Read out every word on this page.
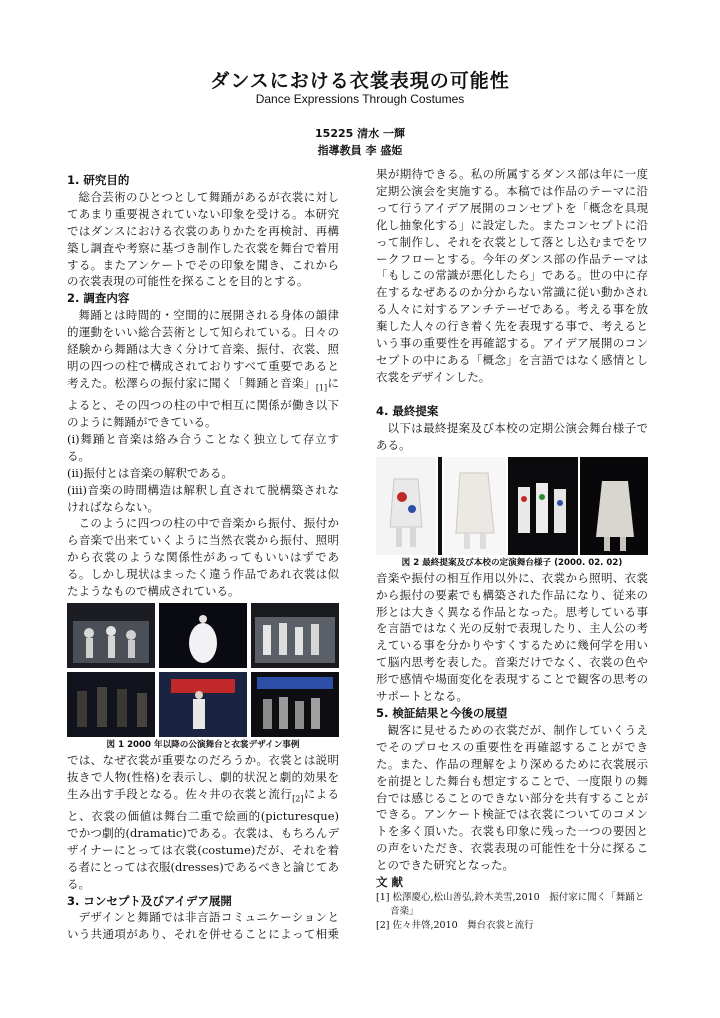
ダンスにおける衣裳表現の可能性
Dance Expressions Through Costumes
15225 清水 一輝
指導教員 李 盛姫
1. 研究目的

総合芸術のひとつとして舞踊があるが衣裳に対してあまり重要視されていない印象を受ける。本研究ではダンスにおける衣裳のありかたを再検討、再構築し調査や考察に基づき制作した衣裳を舞台で着用する。またアンケートでその印象を聞き、これからの衣裳表現の可能性を探ることを目的とする。

2. 調査内容

舞踊とは時間的・空間的に展開される身体の韻律的運動をいい総合芸術として知られている。日々の経験から舞踊は大きく分けて音楽、振付、衣裳、照明の四つの柱で構成されておりすべて重要であると考えた。松澤らの振付家に聞く「舞踊と音楽」$_{[1]}$によると、その四つの柱の中で相互に関係が働き以下のように舞踊ができている。

(i)舞踊と音楽は絡み合うことなく独立して存立する。

(ii)振付とは音楽の解釈である。

(iii)音楽の時間構造は解釈し直されて脱構築されなければならない。

このように四つの柱の中で音楽から振付、振付から音楽で出来ていくように当然衣裳から振付、照明から衣裳のような関係性があってもいいはずである。しかし現状はまったく違う作品であれ衣裳は似たようなもので構成されている。

図 1 2000 年以降の公演舞台と衣裳デザイン事例

では、なぜ衣裳が重要なのだろうか。衣裳とは説明抜きで人物(性格)を表示し、劇的状況と劇的効果を生み出す手段となる。佐々井の衣裳と流行$_{[2]}$によると、衣裳の価値は舞台二重で絵画的(picturesque)でかつ劇的(dramatic)である。衣裳は、もちろんデザイナーにとっては衣裳(costume)だが、それを着る者にとっては衣服(dresses)であるべきと論じてある。

3. コンセプト及びアイデア展開

デザインと舞踊では非言語コミュニケーションという共通項があり、それを併せることによって相乗

果が期待できる。私の所属するダンス部は年に一度定期公演会を実施する。本稿では作品のテーマに沿って行うアイデア展開のコンセプトを「概念を具現化し抽象化する」に設定した。またコンセプトに沿って制作し、それを衣裳として落とし込むまでをワークフローとする。今年のダンス部の作品テーマは「もしこの常識が悪化したら」である。世の中に存在するなぜあるのか分からない常識に従い動かされる人々に対するアンチテーゼである。考える事を放棄した人々の行き着く先を表現する事で、考えるという事の重要性を再確認する。アイデア展開のコンセプトの中にある「概念」を言語ではなく感情とし衣裳をデザインした。

4. 最終提案

以下は最終提案及び本校の定期公演会舞台様子である。

図 2 最終提案及び本校の定演舞台様子 (2000. 02. 02)

音楽や振付の相互作用以外に、衣裳から照明、衣裳から振付の要素でも構築された作品になり、従来の形とは大きく異なる作品となった。思考している事を言語ではなく光の反射で表現したり、主人公の考えている事を分かりやすくするために幾何学を用いて脳内思考を表した。音楽だけでなく、衣裳の色や形で感情や場面変化を表現することで観客の思考のサポートとなる。

5. 検証結果と今後の展望

観客に見せるための衣裳だが、制作していくうえでそのプロセスの重要性を再確認することができた。また、作品の理解をより深めるために衣裳展示を前提とした舞台も想定することで、一度限りの舞台では感じることのできない部分を共有することができる。アンケート検証では衣裳についてのコメントを多く頂いた。衣裳も印象に残った一つの要因との声をいただき、衣裳表現の可能性を十分に探ることのできた研究となった。

文 献
[1] 松澤慶心,松山善弘,鈴木美雪,2010　振付家に聞く「舞踊と音楽」
[2] 佐々井啓,2010　舞台衣裳と流行
